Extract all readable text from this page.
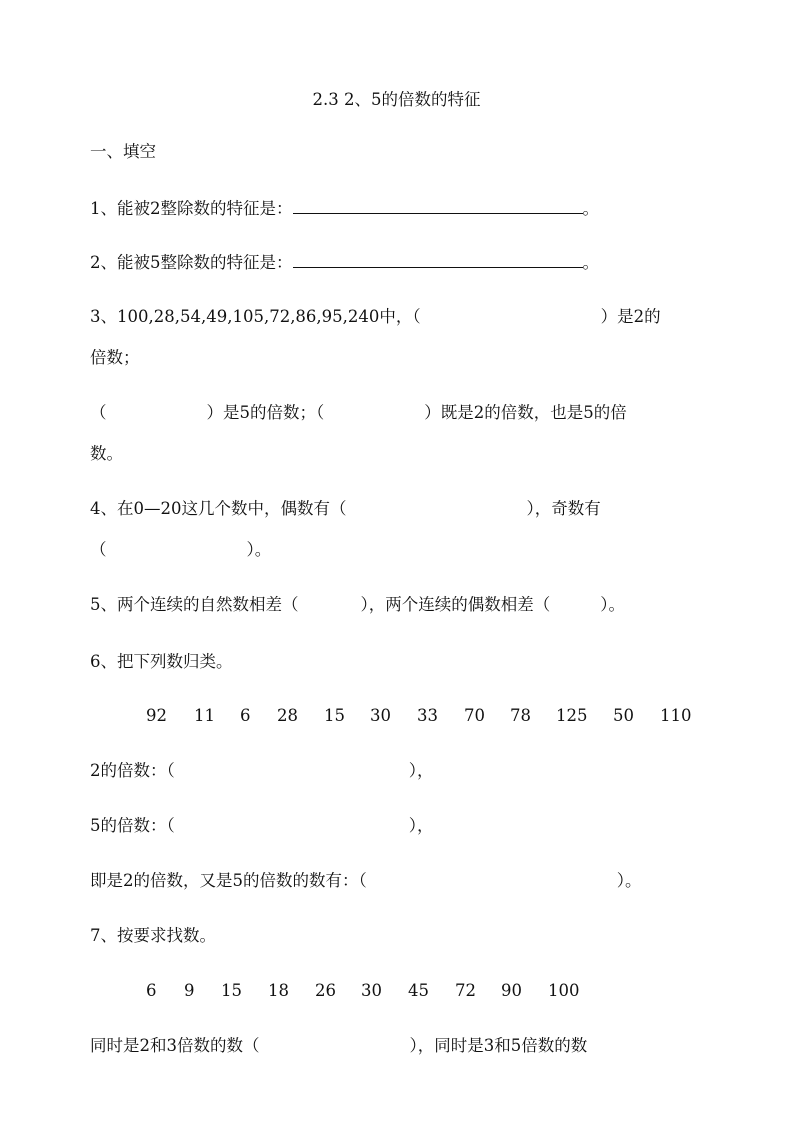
2.3 2、5的倍数的特征
一、填空
1、能被2整除数的特征是：	。
2、能被5整除数的特征是：	。
3、100,28,54,49,105,72,86,95,240中，（	）是2的
倍数；
（	）是5的倍数；（	）既是2的倍数，也是5的倍
数。
4、在0—20这几个数中，偶数有（	），奇数有
（	）。
5、两个连续的自然数相差（	），两个连续的偶数相差（	）。
6、把下列数归类。
92 11 6 28 15 30 33 70 78 125 50 110
2的倍数：（	），
5的倍数：（	），
即是2的倍数，又是5的倍数的数有：（	）。
7、按要求找数。
6 9 15 18 26 30 45 72 90 100
同时是2和3倍数的数（	），同时是3和5倍数的数
